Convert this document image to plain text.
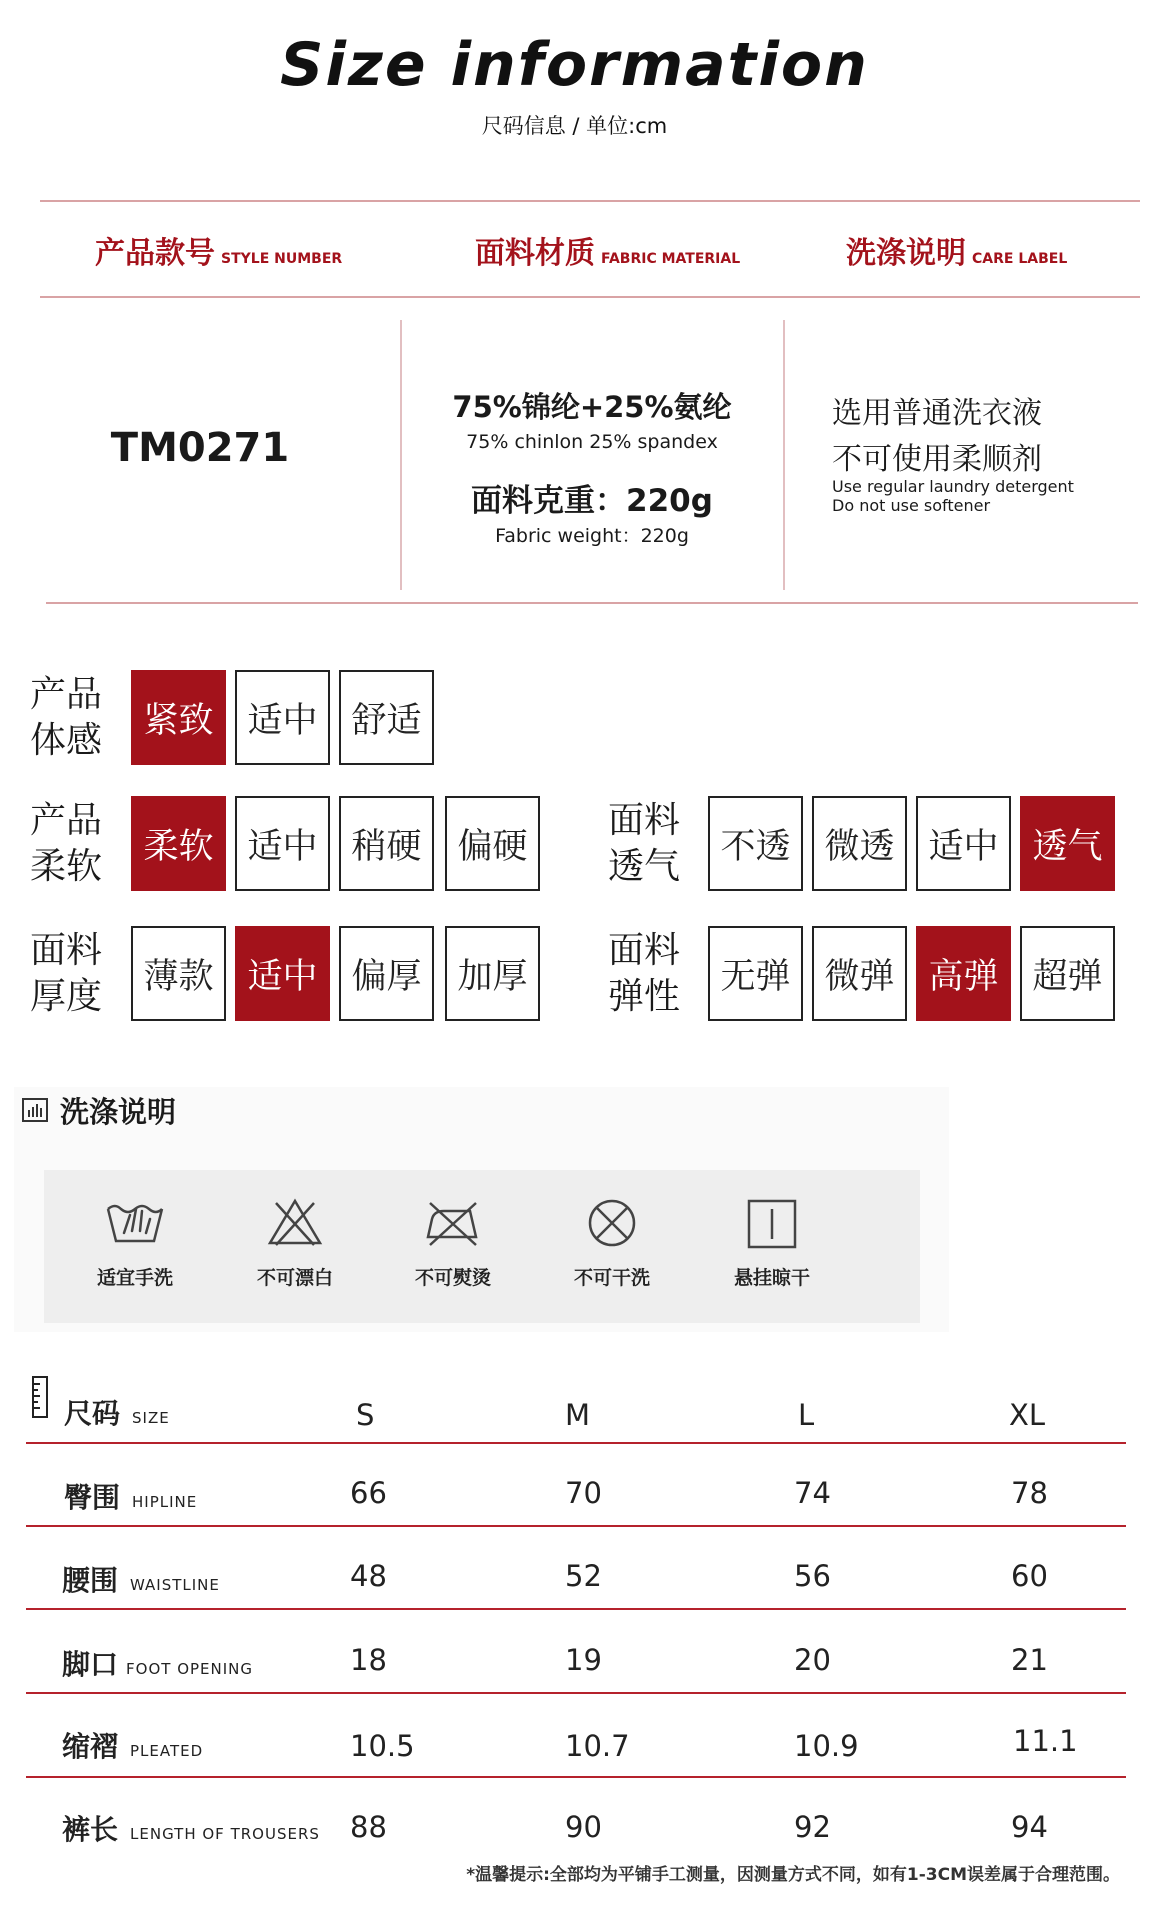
Size information
尺码信息 / 单位:cm
产品款号 STYLE NUMBER	面料材质 FABRIC MATERIAL	洗涤说明 CARE LABEL
TM0271
75%锦纶+25%氨纶
75% chinlon 25% spandex
面料克重：220g
Fabric weight：220g
选用普通洗衣液
不可使用柔顺剂
Use regular laundry detergent
Do not use softener
产品
体感	紧致 适中 舒适
产品
柔软	柔软 适中 稍硬	偏硬
面料
透气	不透 微透 适中 透气
面料
厚度	薄款 适中 偏厚	加厚
面料
弹性	无弹 微弹 高弹 超弹
洗涤说明
适宜手洗	不可漂白	不可熨烫	不可干洗	悬挂晾干
尺码 SIZE	S	M	L	XL
臀围 HIPLINE	66	70	74	78
腰围 WAISTLINE	48	52	56	60
脚口 FOOT OPENING	18	19	20	21
缩褶 PLEATED	10.5	10.7	10.9	11.1
裤长 LENGTH OF TROUSERS 88	90	92	94
*温馨提示:全部均为平铺手工测量，因测量方式不同，如有1-3CM误差属于合理范围。
